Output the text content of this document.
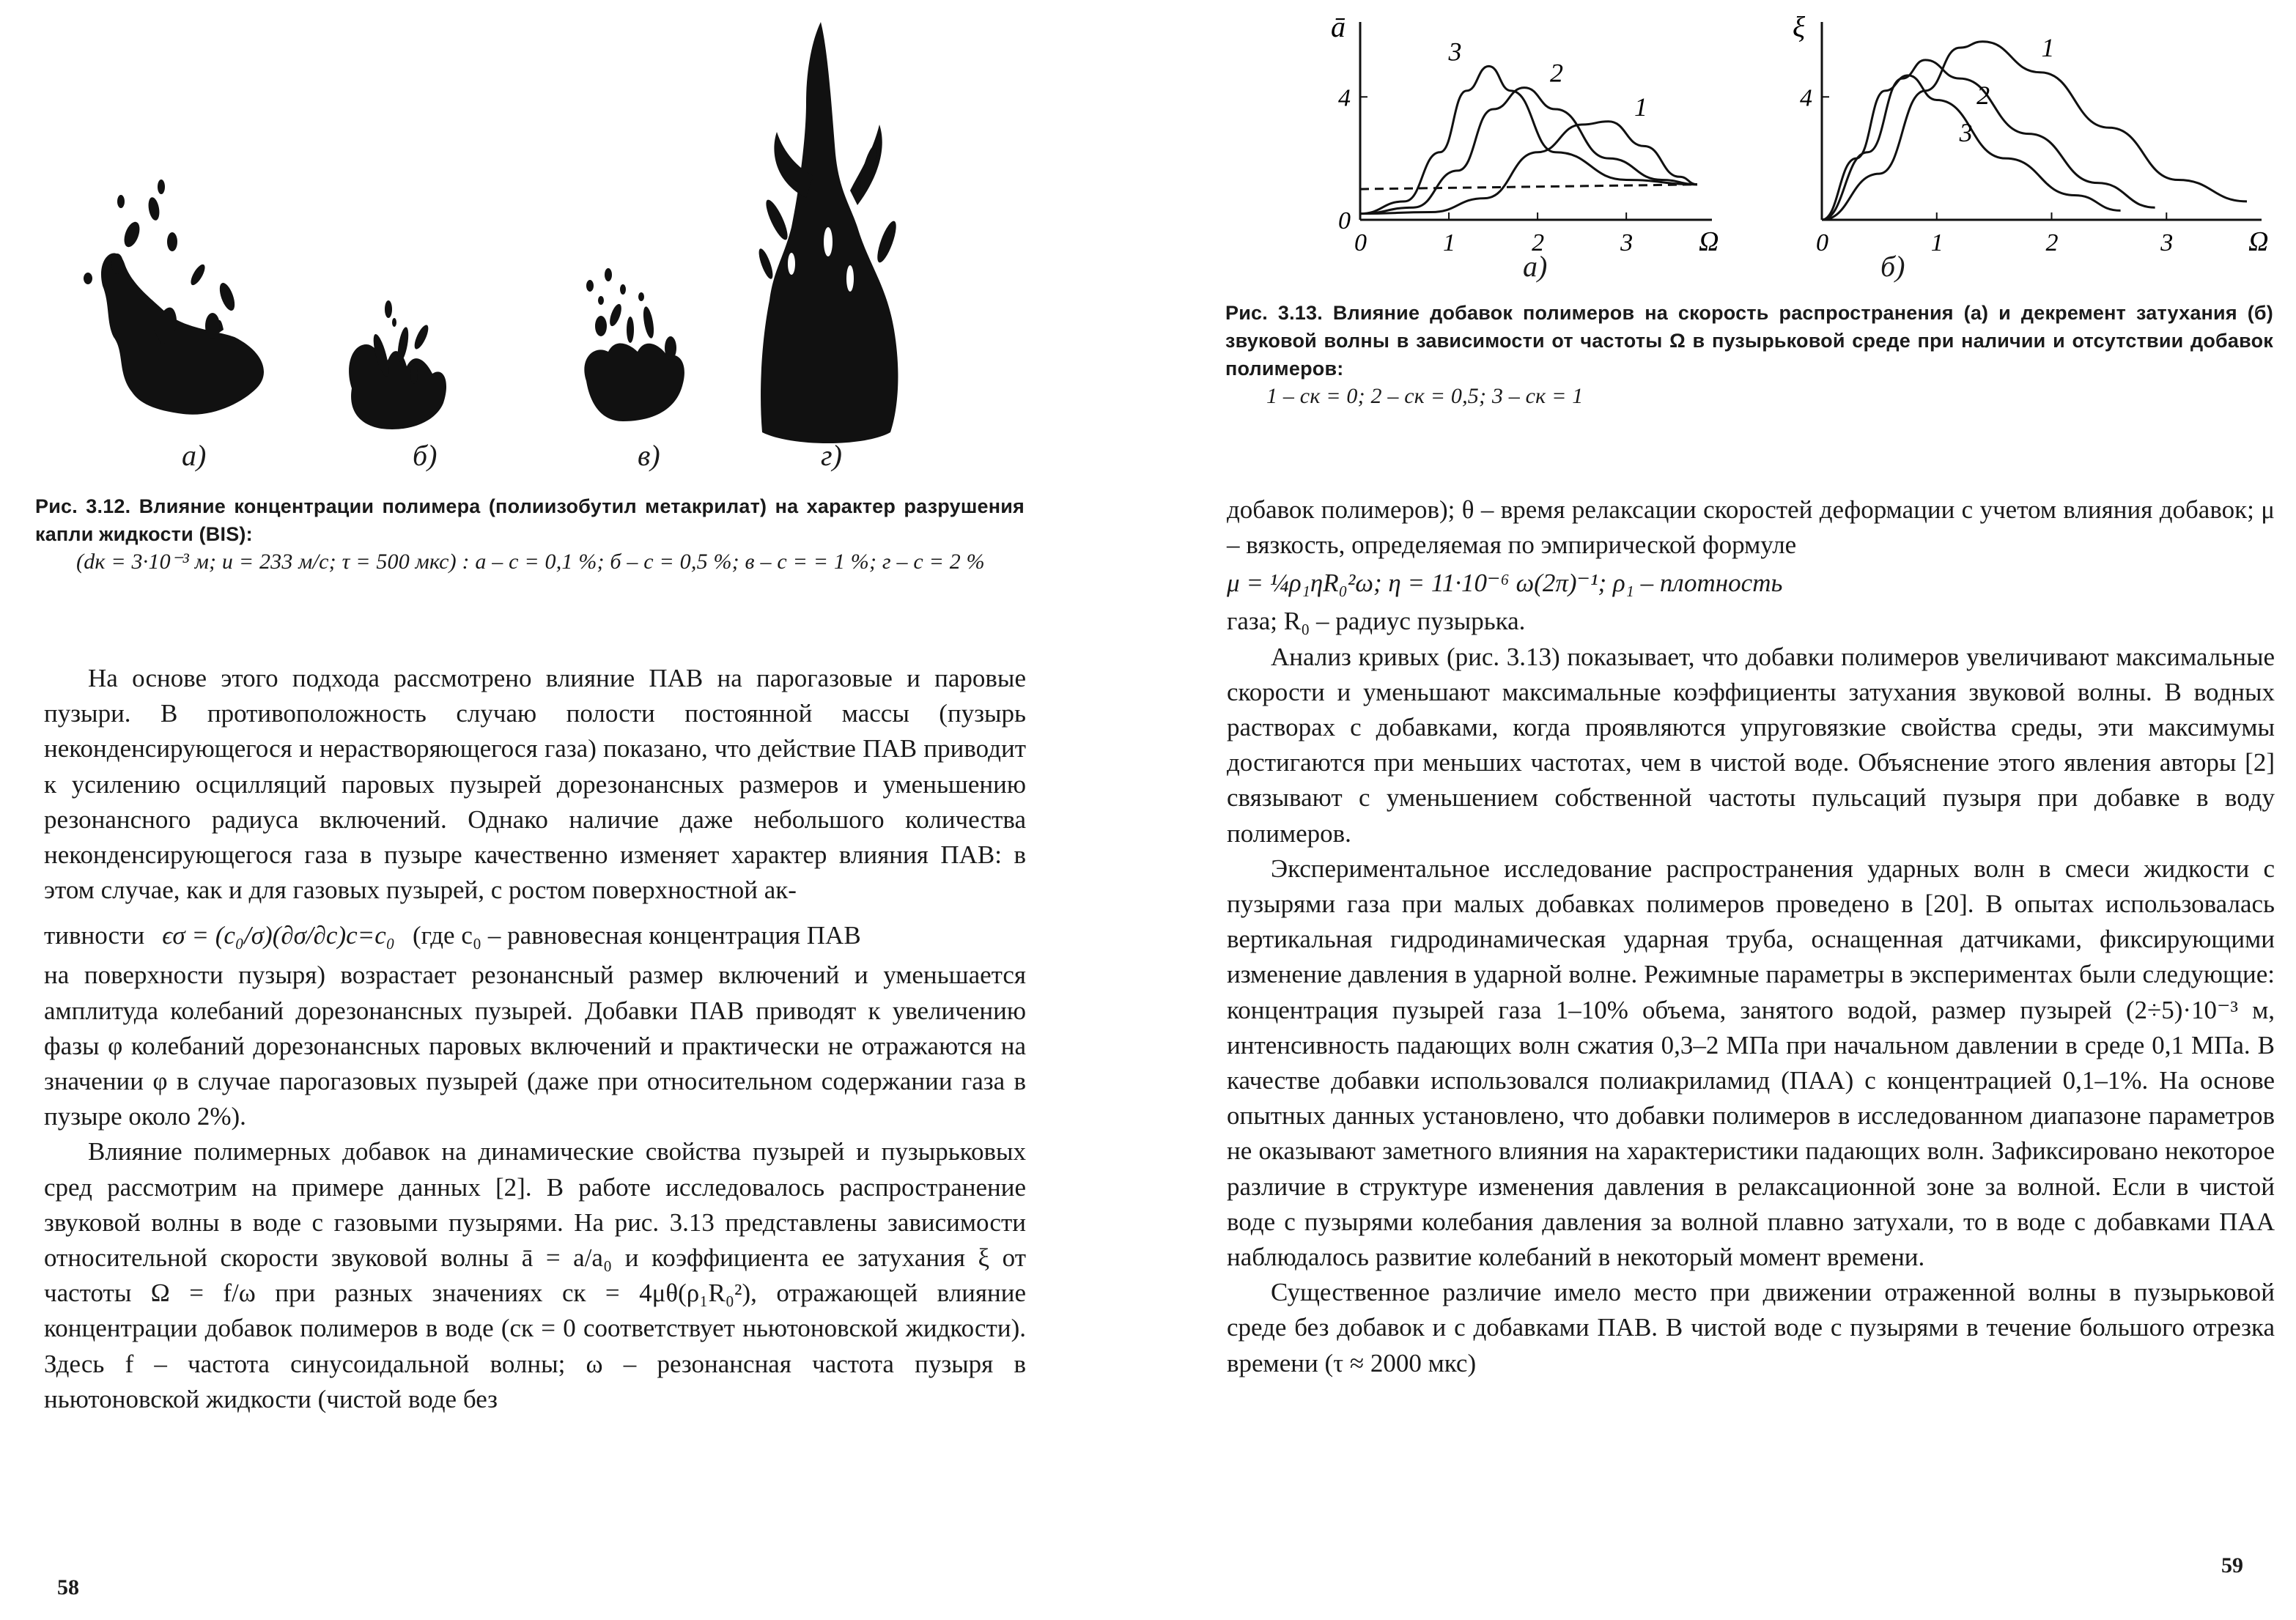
а)	б)	в)	г)
Рис. 3.12. Влияние концентрации полимера (полиизобутил метакрилат) на характер разрушения капли жидкости (BIS):
(dк = 3·10⁻³ м; u = 233 м/с; τ = 500 мкс) : а – с = 0,1 %; б – с = 0,5 %; в – с = = 1 %; г – с = 2 %

На основе этого подхода рассмотрено влияние ПАВ на парогазовые и паровые пузыри. В противоположность случаю полости постоянной массы (пузырь неконденсирующегося и нерастворяющегося газа) показано, что действие ПАВ приводит к усилению осцилляций паровых пузырей дорезонансных размеров и уменьшению резонансного радиуса включений. Однако наличие даже небольшого количества неконденсирующегося газа в пузыре качественно изменяет характер влияния ПАВ: в этом случае, как и для газовых пузырей, с ростом поверхностной ак-

тивности ϵσ = (c₀/σ)(∂σ/∂c)c=c₀ (где c₀ – равновесная концентрация ПАВ

на поверхности пузыря) возрастает резонансный размер включений и уменьшается амплитуда колебаний дорезонансных пузырей. Добавки ПАВ приводят к увеличению фазы φ колебаний дорезонансных паровых включений и практически не отражаются на значении φ в случае парогазовых пузырей (даже при относительном содержании газа в пузыре около 2%).

Влияние полимерных добавок на динамические свойства пузырей и пузырьковых сред рассмотрим на примере данных [2]. В работе исследовалось распространение звуковой волны в воде с газовыми пузырями. На рис. 3.13 представлены зависимости относительной скорости звуковой волны ā = a/a₀ и коэффициента ее затухания ξ от частоты Ω = f/ω при разных значениях cк = 4μθ(ρ₁R₀²), отражающей влияние концентрации добавок полимеров в воде (cк = 0 соответствует ньютоновской жидкости). Здесь f – частота синусоидальной волны; ω – резонансная частота пузыря в ньютоновской жидкости (чистой воде без

58
ā
Ω
0	1	2	3
0
4	1
2
3
ξ
Ω
0	1	2	3
4
1
2
3
а)	б)
Рис. 3.13. Влияние добавок полимеров на скорость распространения (а) и декремент затухания (б) звуковой волны в зависимости от частоты Ω в пузырьковой среде при наличии и отсутствии добавок полимеров:
1 – cк = 0; 2 – cк = 0,5; 3 – cк = 1

добавок полимеров); θ – время релаксации скоростей деформации с учетом влияния добавок; μ – вязкость, определяемая по эмпирической формуле

μ = ¼ρ₁ηR₀²ω; η = 11·10⁻⁶ ω(2π)⁻¹; ρ₁ – плотность

газа; R₀ – радиус пузырька.

Анализ кривых (рис. 3.13) показывает, что добавки полимеров увеличивают максимальные скорости и уменьшают максимальные коэффициенты затухания звуковой волны. В водных растворах с добавками, когда проявляются упруговязкие свойства среды, эти максимумы достигаются при меньших частотах, чем в чистой воде. Объяснение этого явления авторы [2] связывают с уменьшением собственной частоты пульсаций пузыря при добавке в воду полимеров.

Экспериментальное исследование распространения ударных волн в смеси жидкости с пузырями газа при малых добавках полимеров проведено в [20]. В опытах использовалась вертикальная гидродинамическая ударная труба, оснащенная датчиками, фиксирующими изменение давления в ударной волне. Режимные параметры в экспериментах были следующие: концентрация пузырей газа 1–10% объема, занятого водой, размер пузырей (2÷5)·10⁻³ м, интенсивность падающих волн сжатия 0,3–2 МПа при начальном давлении в среде 0,1 МПа. В качестве добавки использовался полиакриламид (ПАА) с концентрацией 0,1–1%. На основе опытных данных установлено, что добавки полимеров в исследованном диапазоне параметров не оказывают заметного влияния на характеристики падающих волн. Зафиксировано некоторое различие в структуре изменения давления в релаксационной зоне за волной. Если в чистой воде с пузырями колебания давления за волной плавно затухали, то в воде с добавками ПАА наблюдалось развитие колебаний в некоторый момент времени.

Существенное различие имело место при движении отраженной волны в пузырьковой среде без добавок и с добавками ПАВ. В чистой воде с пузырями в течение большого отрезка времени (τ ≈ 2000 мкс)

59
